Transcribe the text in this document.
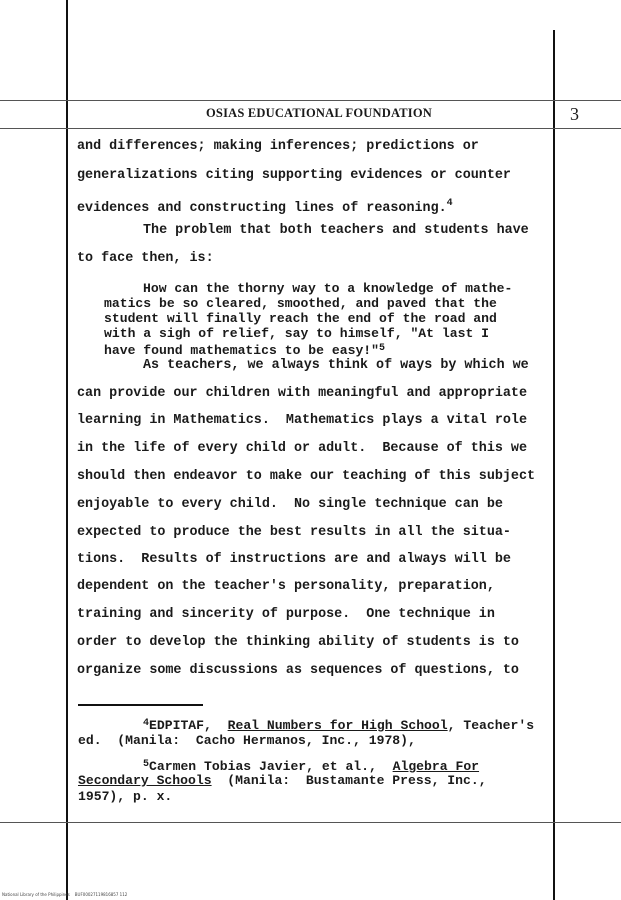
OSIAS EDUCATIONAL FOUNDATION	3
and differences; making inferences; predictions or
generalizations citing supporting evidences or counter
evidences and constructing lines of reasoning.$^4$
The problem that both teachers and students have
to face then, is:
How can the thorny way to a knowledge of mathe-
matics be so cleared, smoothed, and paved that the
student will finally reach the end of the road and
with a sigh of relief, say to himself, "At last I
have found mathematics to be easy!"$^5$
As teachers, we always think of ways by which we
can provide our children with meaningful and appropriate
learning in Mathematics.  Mathematics plays a vital role
in the life of every child or adult.  Because of this we
should then endeavor to make our teaching of this subject
enjoyable to every child.  No single technique can be
expected to produce the best results in all the situa-
tions.  Results of instructions are and always will be
dependent on the teacher's personality, preparation,
training and sincerity of purpose.  One technique in
order to develop the thinking ability of students is to
organize some discussions as sequences of questions, to
$^4$EDPITAF, Real Numbers for High School, Teacher's
ed.  (Manila:  Cacho Hermanos, Inc., 1978),
$^5$Carmen Tobias Javier, et al., Algebra For
Secondary Schools (Manila:  Bustamante Press, Inc.,
1957), p. x.
National Library of the Philippines    BUF00027119816857 112
